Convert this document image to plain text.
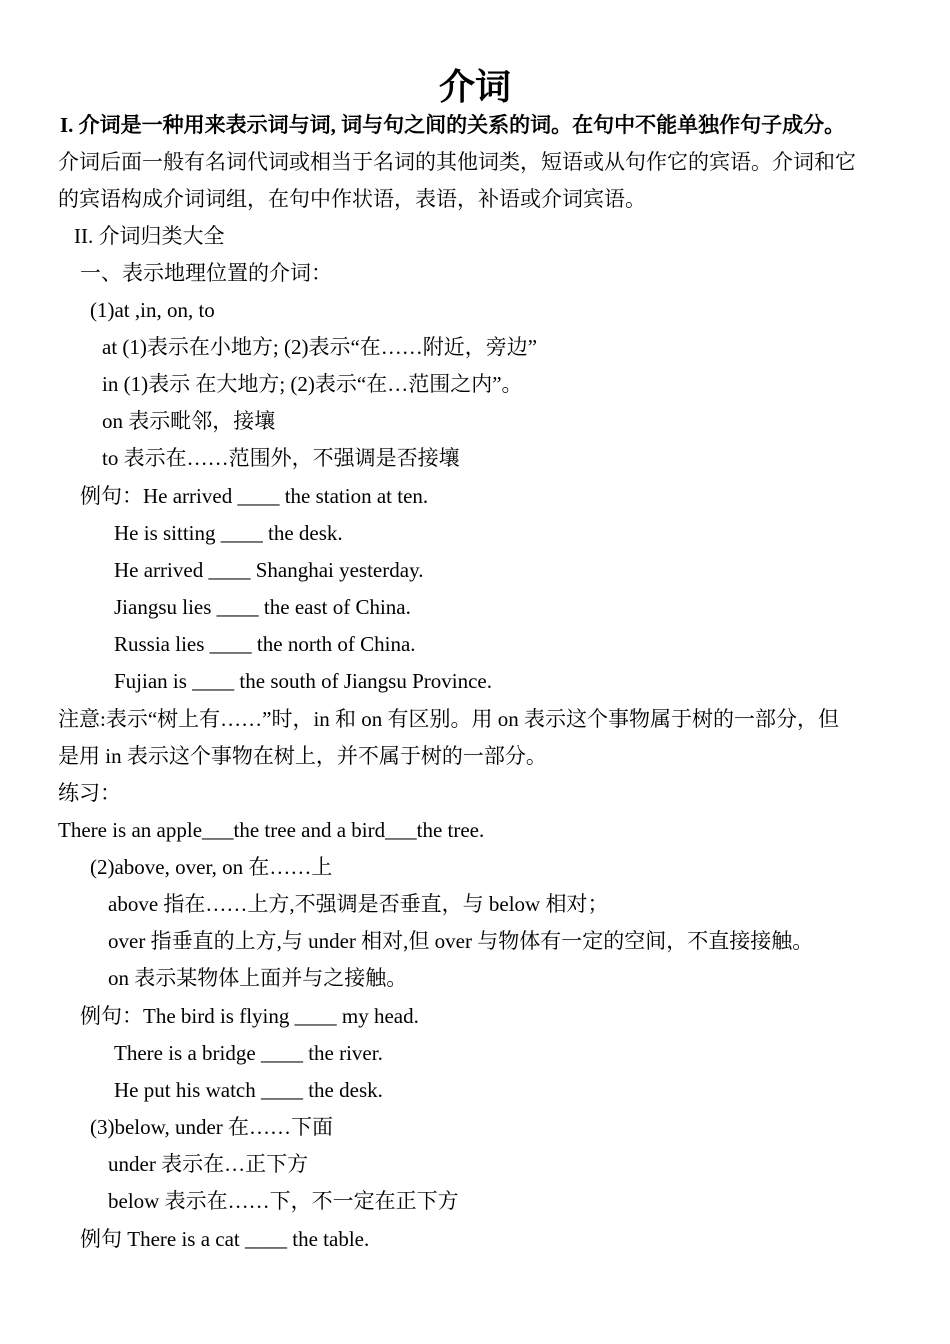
介词
I. 介词是一种用来表示词与词, 词与句之间的关系的词。在句中不能单独作句子成分。
介词后面一般有名词代词或相当于名词的其他词类，短语或从句作它的宾语。介词和它
的宾语构成介词词组，在句中作状语，表语，补语或介词宾语。
II. 介词归类大全
一、表示地理位置的介词：
(1)at ,in, on, to
at (1)表示在小地方; (2)表示“在……附近，旁边”
in (1)表示 在大地方; (2)表示“在…范围之内”。
on 表示毗邻，接壤
to 表示在……范围外，不强调是否接壤
例句：He arrived ____ the station at ten.
He is sitting ____ the desk.
He arrived ____ Shanghai yesterday.
Jiangsu lies ____ the east of China.
Russia lies ____ the north of China.
Fujian is ____ the south of Jiangsu Province.
注意:表示“树上有……”时，in 和 on 有区别。用 on 表示这个事物属于树的一部分，但
是用 in 表示这个事物在树上，并不属于树的一部分。
练习：
There is an apple___the tree and a bird___the tree.
(2)above, over, on 在……上
above 指在……上方,不强调是否垂直，与 below 相对；
over 指垂直的上方,与 under 相对,但 over 与物体有一定的空间，不直接接触。
on 表示某物体上面并与之接触。
例句：The bird is flying ____ my head.
There is a bridge ____ the river.
He put his watch ____ the desk.
(3)below, under 在……下面
under 表示在…正下方
below 表示在……下，不一定在正下方
例句 There is a cat ____ the table.
